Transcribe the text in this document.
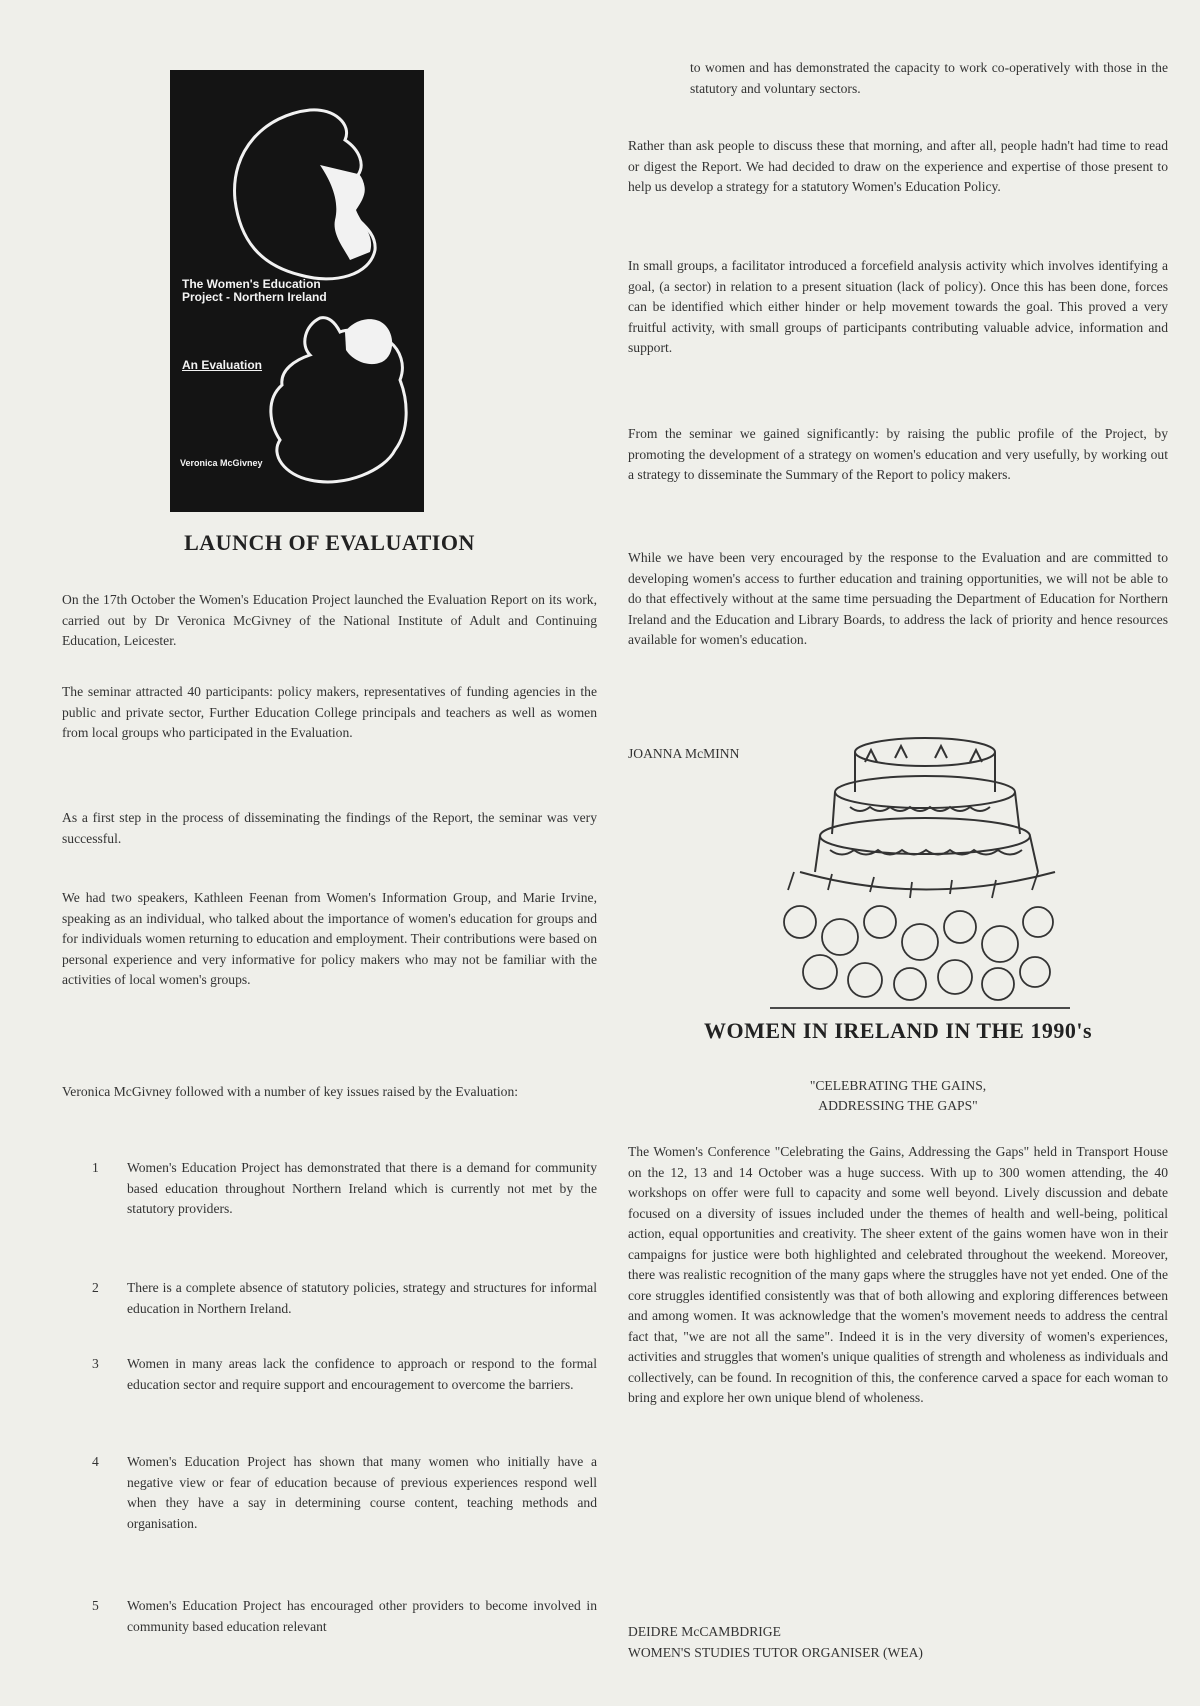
The Women's Education Project - Northern Ireland
An Evaluation
Veronica McGivney
LAUNCH OF EVALUATION

On the 17th October the Women's Education Project launched the Evaluation Report on its work, carried out by Dr Veronica McGivney of the National Institute of Adult and Continuing Education, Leicester.

The seminar attracted 40 participants: policy makers, representatives of funding agencies in the public and private sector, Further Education College principals and teachers as well as women from local groups who participated in the Evaluation.

As a first step in the process of disseminating the findings of the Report, the seminar was very successful.

We had two speakers, Kathleen Feenan from Women's Information Group, and Marie Irvine, speaking as an individual, who talked about the importance of women's education for groups and for individuals women returning to education and employment. Their contributions were based on personal experience and very informative for policy makers who may not be familiar with the activities of local women's groups.

Veronica McGivney followed with a number of key issues raised by the Evaluation:

1 Women's Education Project has demonstrated that there is a demand for community based education throughout Northern Ireland which is currently not met by the statutory providers.

2 There is a complete absence of statutory policies, strategy and structures for informal education in Northern Ireland.

3 Women in many areas lack the confidence to approach or respond to the formal education sector and require support and encouragement to overcome the barriers.

4 Women's Education Project has shown that many women who initially have a negative view or fear of education because of previous experiences respond well when they have a say in determining course content, teaching methods and organisation.

5 Women's Education Project has encouraged other providers to become involved in community based education relevant

to women and has demonstrated the capacity to work co-operatively with those in the statutory and voluntary sectors.

Rather than ask people to discuss these that morning, and after all, people hadn't had time to read or digest the Report. We had decided to draw on the experience and expertise of those present to help us develop a strategy for a statutory Women's Education Policy.

In small groups, a facilitator introduced a forcefield analysis activity which involves identifying a goal, (a sector) in relation to a present situation (lack of policy). Once this has been done, forces can be identified which either hinder or help movement towards the goal. This proved a very fruitful activity, with small groups of participants contributing valuable advice, information and support.

From the seminar we gained significantly: by raising the public profile of the Project, by promoting the development of a strategy on women's education and very usefully, by working out a strategy to disseminate the Summary of the Report to policy makers.

While we have been very encouraged by the response to the Evaluation and are committed to developing women's access to further education and training opportunities, we will not be able to do that effectively without at the same time persuading the Department of Education for Northern Ireland and the Education and Library Boards, to address the lack of priority and hence resources available for women's education.

JOANNA McMINN
WOMEN IN IRELAND IN THE 1990's
"CELEBRATING THE GAINS,
ADDRESSING THE GAPS"

The Women's Conference "Celebrating the Gains, Addressing the Gaps" held in Transport House on the 12, 13 and 14 October was a huge success. With up to 300 women attending, the 40 workshops on offer were full to capacity and some well beyond. Lively discussion and debate focused on a diversity of issues included under the themes of health and well-being, political action, equal opportunities and creativity. The sheer extent of the gains women have won in their campaigns for justice were both highlighted and celebrated throughout the weekend. Moreover, there was realistic recognition of the many gaps where the struggles have not yet ended. One of the core struggles identified consistently was that of both allowing and exploring differences between and among women. It was acknowledge that the women's movement needs to address the central fact that, "we are not all the same". Indeed it is in the very diversity of women's experiences, activities and struggles that women's unique qualities of strength and wholeness as individuals and collectively, can be found. In recognition of this, the conference carved a space for each woman to bring and explore her own unique blend of wholeness.

DEIDRE McCAMBDRIGE
WOMEN'S STUDIES TUTOR ORGANISER (WEA)
